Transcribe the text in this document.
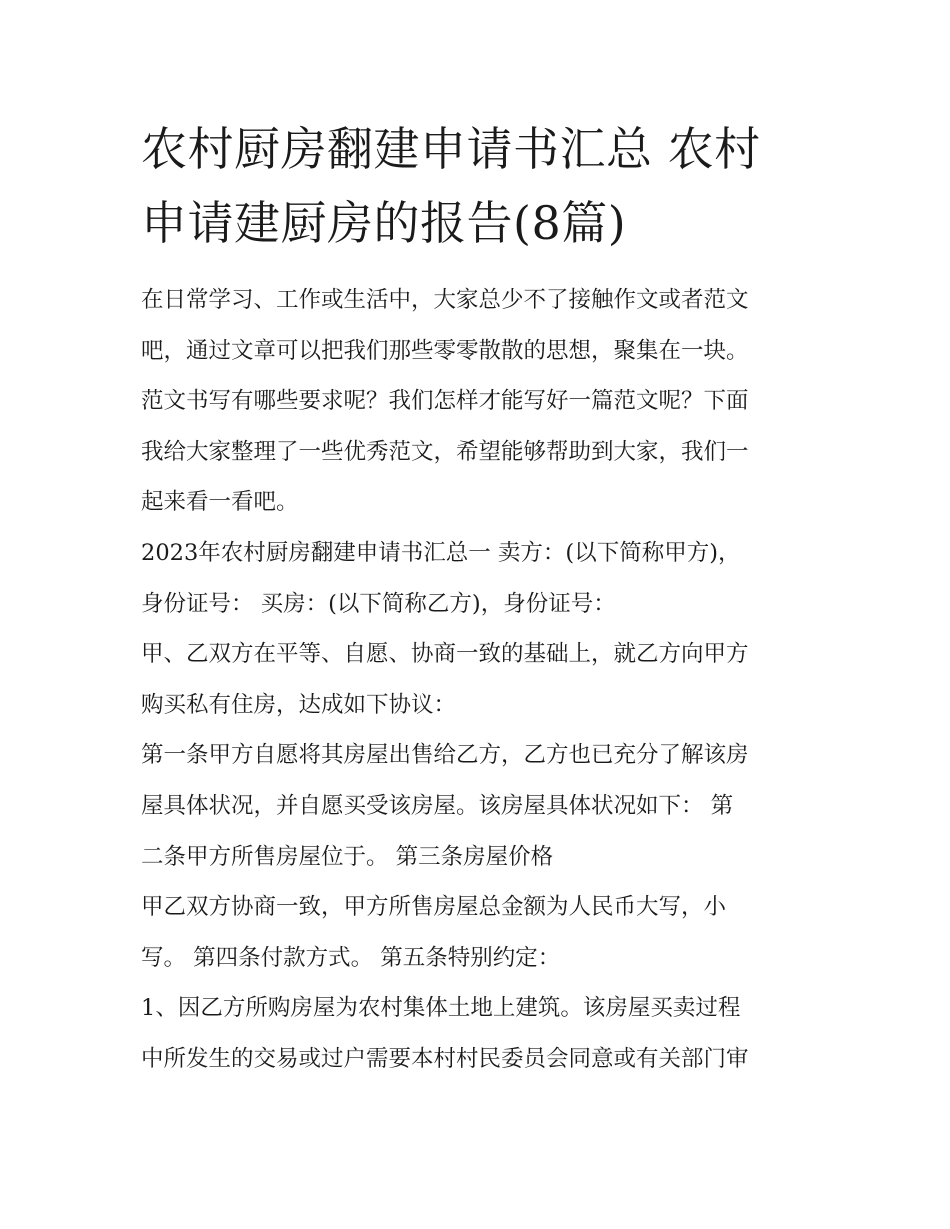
农村厨房翻建申请书汇总 农村
申请建厨房的报告(8篇)
在日常学习、工作或生活中，大家总少不了接触作文或者范文
吧，通过文章可以把我们那些零零散散的思想，聚集在一块。
范文书写有哪些要求呢？我们怎样才能写好一篇范文呢？下面
我给大家整理了一些优秀范文，希望能够帮助到大家，我们一
起来看一看吧。
2023年农村厨房翻建申请书汇总一 卖方：(以下简称甲方)，
身份证号： 买房：(以下简称乙方)，身份证号：
甲、乙双方在平等、自愿、协商一致的基础上，就乙方向甲方
购买私有住房，达成如下协议：
第一条甲方自愿将其房屋出售给乙方，乙方也已充分了解该房
屋具体状况，并自愿买受该房屋。该房屋具体状况如下： 第
二条甲方所售房屋位于。 第三条房屋价格
甲乙双方协商一致，甲方所售房屋总金额为人民币大写，小
写。 第四条付款方式。 第五条特别约定：
1、因乙方所购房屋为农村集体土地上建筑。该房屋买卖过程
中所发生的交易或过户需要本村村民委员会同意或有关部门审
